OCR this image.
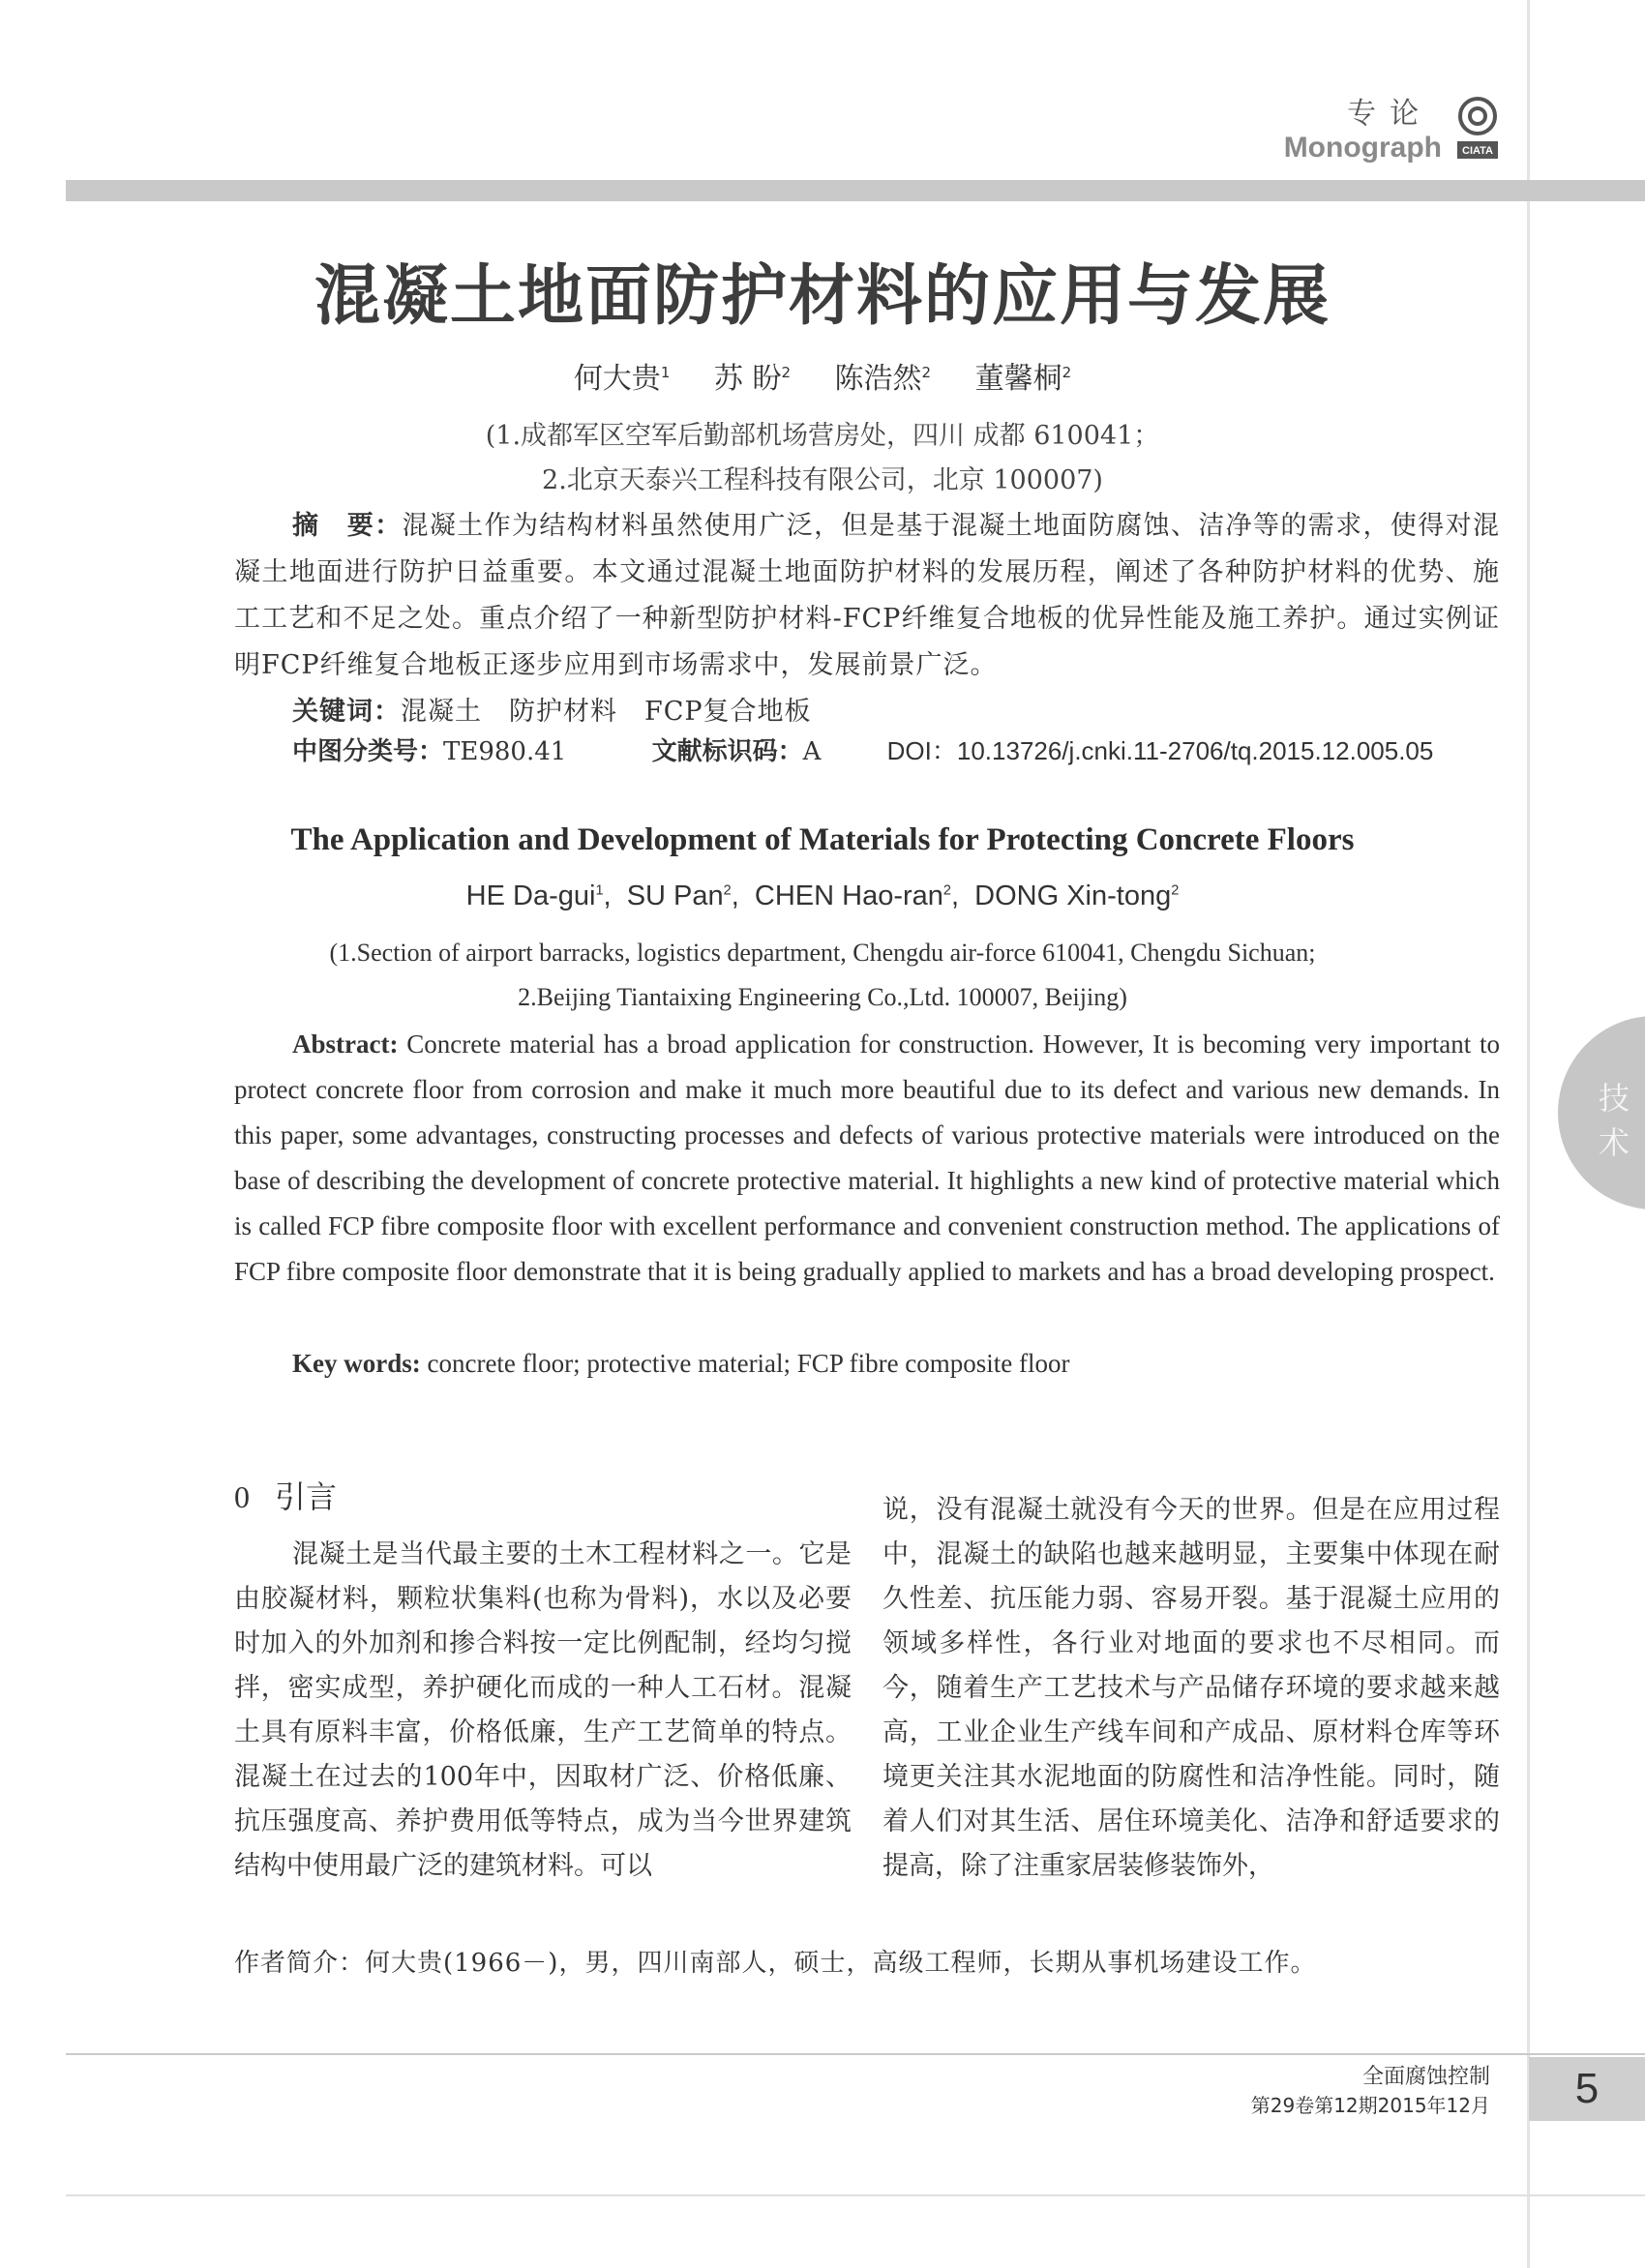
专论
Monograph CIATA
混凝土地面防护材料的应用与发展
何大贵$^1$ 苏 盼$^2$ 陈浩然$^2$ 董馨桐$^2$
(1.成都军区空军后勤部机场营房处，四川 成都 610041；
2.北京天泰兴工程科技有限公司，北京 100007)
摘　要：混凝土作为结构材料虽然使用广泛，但是基于混凝土地面防腐蚀、洁净等的需求，使得对混凝土地面进行防护日益重要。本文通过混凝土地面防护材料的发展历程，阐述了各种防护材料的优势、施工工艺和不足之处。重点介绍了一种新型防护材料-FCP纤维复合地板的优异性能及施工养护。通过实例证明FCP纤维复合地板正逐步应用到市场需求中，发展前景广泛。
关键词：混凝土　防护材料　FCP复合地板
中图分类号：TE980.41	文献标识码：A	DOI：10.13726/j.cnki.11-2706/tq.2015.12.005.05
The Application and Development of Materials for Protecting Concrete Floors
HE Da-gui$^1$,  SU Pan$^2$,  CHEN Hao-ran$^2$,  DONG Xin-tong$^2$
(1.Section of airport barracks, logistics department, Chengdu air-force 610041, Chengdu Sichuan;
2.Beijing Tiantaixing Engineering Co.,Ltd. 100007, Beijing)
Abstract: Concrete material has a broad application for construction. However, It is becoming very important to protect concrete floor from corrosion and make it much more beautiful due to its defect and various new demands. In this paper, some advantages, constructing processes and defects of various protective materials were introduced on the base of describing the development of concrete protective material. It highlights a new kind of protective material which is called FCP fibre composite floor with excellent performance and convenient construction method. The applications of FCP fibre composite floor demonstrate that it is being gradually applied to markets and has a broad developing prospect.
Key words: concrete floor; protective material; FCP fibre composite floor
0 引言
混凝土是当代最主要的土木工程材料之一。它是由胶凝材料，颗粒状集料(也称为骨料)，水以及必要时加入的外加剂和掺合料按一定比例配制，经均匀搅拌，密实成型，养护硬化而成的一种人工石材。混凝土具有原料丰富，价格低廉，生产工艺简单的特点。混凝土在过去的100年中，因取材广泛、价格低廉、抗压强度高、养护费用低等特点，成为当今世界建筑结构中使用最广泛的建筑材料。可以
说，没有混凝土就没有今天的世界。但是在应用过程中，混凝土的缺陷也越来越明显，主要集中体现在耐久性差、抗压能力弱、容易开裂。基于混凝土应用的领域多样性，各行业对地面的要求也不尽相同。而今，随着生产工艺技术与产品储存环境的要求越来越高，工业企业生产线车间和产成品、原材料仓库等环境更关注其水泥地面的防腐性和洁净性能。同时，随着人们对其生活、居住环境美化、洁净和舒适要求的提高，除了注重家居装修装饰外，
作者简介：何大贵(1966－)，男，四川南部人，硕士，高级工程师，长期从事机场建设工作。
技
术
全面腐蚀控制
第29卷第12期2015年12月	5
